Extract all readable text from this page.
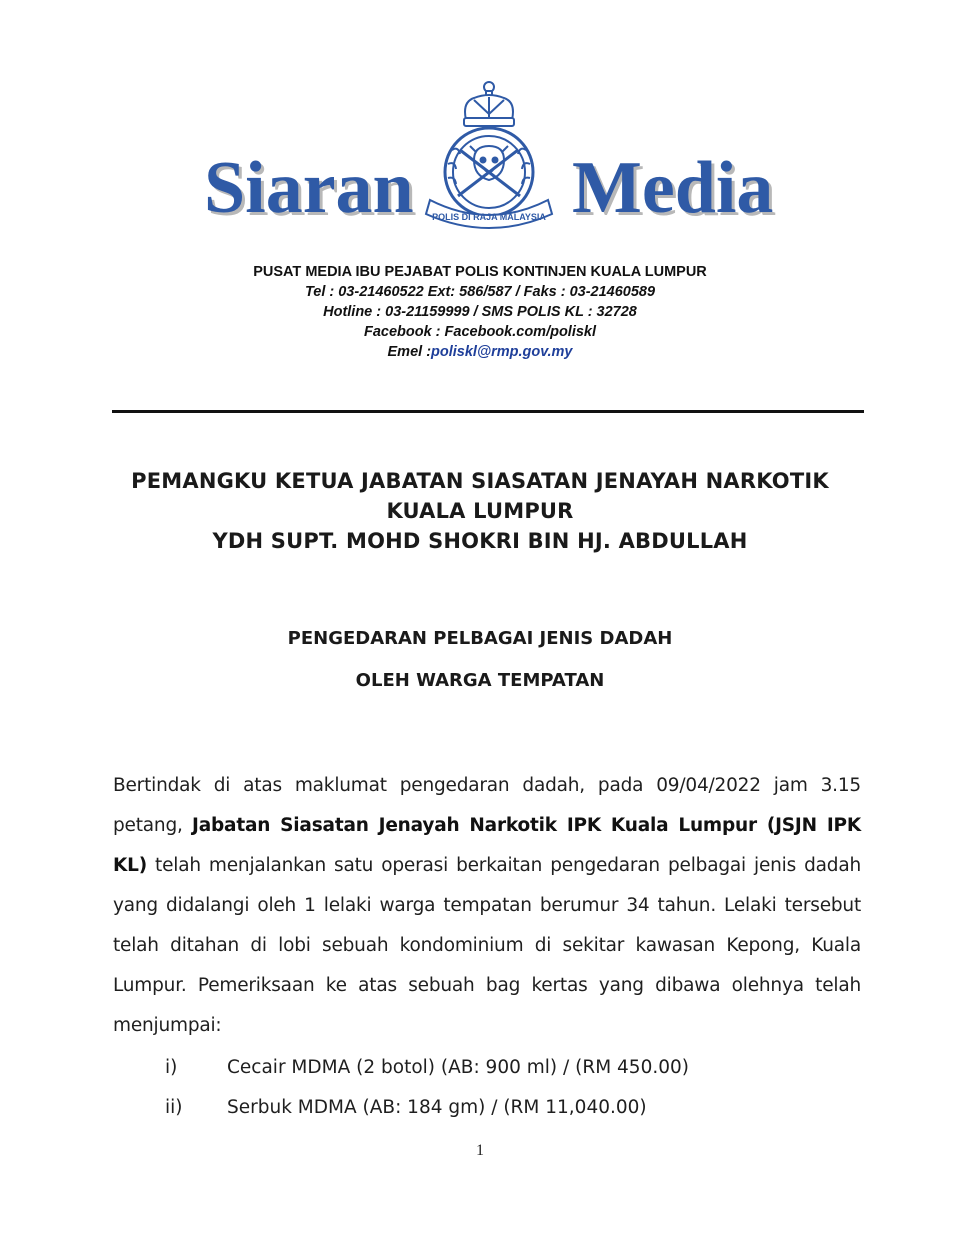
Siaran POLIS DI RAJA MALAYSIA Media
PUSAT MEDIA IBU PEJABAT POLIS KONTINJEN KUALA LUMPUR
Tel : 03-21460522 Ext: 586/587 / Faks : 03-21460589
Hotline : 03-21159999 / SMS POLIS KL : 32728
Facebook : Facebook.com/poliskl
Emel :poliskl@rmp.gov.my
PEMANGKU KETUA JABATAN SIASATAN JENAYAH NARKOTIK
KUALA LUMPUR
YDH SUPT. MOHD SHOKRI BIN HJ. ABDULLAH
PENGEDARAN PELBAGAI JENIS DADAH
OLEH WARGA TEMPATAN
Bertindak di atas maklumat pengedaran dadah, pada 09/04/2022 jam 3.15 petang, Jabatan Siasatan Jenayah Narkotik IPK Kuala Lumpur (JSJN IPK KL) telah menjalankan satu operasi berkaitan pengedaran pelbagai jenis dadah yang didalangi oleh 1 lelaki warga tempatan berumur 34 tahun. Lelaki tersebut telah ditahan di lobi sebuah kondominium di sekitar kawasan Kepong, Kuala Lumpur. Pemeriksaan ke atas sebuah bag kertas yang dibawa olehnya telah menjumpai:
i)	Cecair MDMA (2 botol) (AB: 900 ml) / (RM 450.00)
ii) Serbuk MDMA (AB: 184 gm) / (RM 11,040.00)
1
